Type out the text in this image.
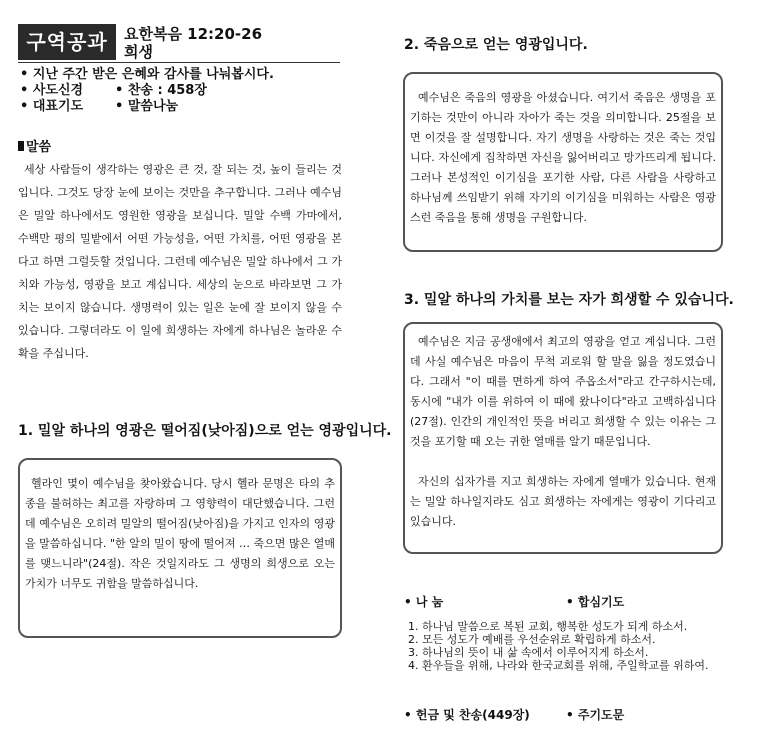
구역공과	요한복음 12:20-26
희생
• 지난 주간 받은 은혜와 감사를 나눠봅시다.
• 사도신경 • 찬송 : 458장
• 대표기도 • 말씀나눔
말씀
세상 사람들이 생각하는 영광은 큰 것, 잘 되는 것, 높이 들리는 것입니다. 그것도 당장 눈에 보이는 것만을 추구합니다. 그러나 예수님은 밀알 하나에서도 영원한 영광을 보십니다. 밀알 수백 가마에서, 수백만 평의 밀밭에서 어떤 가능성을, 어떤 가치를, 어떤 영광을 본다고 하면 그럴듯할 것입니다. 그런데 예수님은 밀알 하나에서 그 가치와 가능성, 영광을 보고 계십니다. 세상의 눈으로 바라보면 그 가치는 보이지 않습니다. 생명력이 있는 일은 눈에 잘 보이지 않을 수 있습니다. 그렇더라도 이 일에 희생하는 자에게 하나님은 놀라운 수확을 주십니다.
1. 밀알 하나의 영광은 떨어짐(낮아짐)으로 얻는 영광입니다.
헬라인 몇이 예수님을 찾아왔습니다. 당시 헬라 문명은 타의 추종을 불허하는 최고를 자랑하며 그 영향력이 대단했습니다. 그런데 예수님은 오히려 밀알의 떨어짐(낮아짐)을 가지고 인자의 영광을 말씀하십니다. "한 알의 밀이 땅에 떨어져 … 죽으면 많은 열매를 맺느니라"(24절). 작은 것일지라도 그 생명의 희생으로 오는 가치가 너무도 귀함을 말씀하십니다.
2. 죽음으로 얻는 영광입니다.
예수님은 죽음의 영광을 아셨습니다. 여기서 죽음은 생명을 포기하는 것만이 아니라 자아가 죽는 것을 의미합니다. 25절을 보면 이것을 잘 설명합니다. 자기 생명을 사랑하는 것은 죽는 것입니다. 자신에게 집착하면 자신을 잃어버리고 망가뜨리게 됩니다. 그러나 본성적인 이기심을 포기한 사람, 다른 사람을 사랑하고 하나님께 쓰임받기 위해 자기의 이기심을 미워하는 사람은 영광스런 죽음을 통해 생명을 구원합니다.
3. 밀알 하나의 가치를 보는 자가 희생할 수 있습니다.

예수님은 지금 공생애에서 최고의 영광을 얻고 계십니다. 그런데 사실 예수님은 마음이 무척 괴로워 할 말을 잃을 정도였습니다. 그래서 "이 때를 면하게 하여 주옵소서"라고 간구하시는데, 동시에 "내가 이를 위하여 이 때에 왔나이다"라고 고백하십니다(27절). 인간의 개인적인 뜻을 버리고 희생할 수 있는 이유는 그것을 포기할 때 오는 귀한 열매를 알기 때문입니다.

자신의 십자가를 지고 희생하는 자에게 열매가 있습니다. 현재는 밀알 하나일지라도 심고 희생하는 자에게는 영광이 기다리고 있습니다.

• 나 눔	• 합심기도
1. 하나님 말씀으로 복된 교회, 행복한 성도가 되게 하소서.
2. 모든 성도가 예배를 우선순위로 확립하게 하소서.
3. 하나님의 뜻이 내 삶 속에서 이루어지게 하소서.
4. 환우들을 위해, 나라와 한국교회를 위해, 주일학교를 위하여.
• 헌금 및 찬송(449장)	• 주기도문
